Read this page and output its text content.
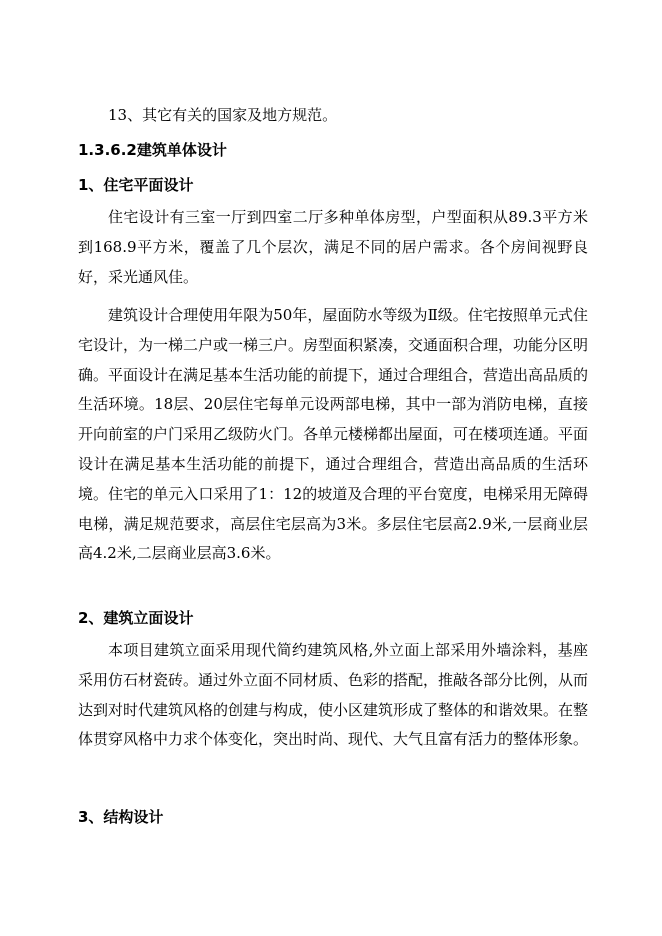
13、其它有关的国家及地方规范。
1.3.6.2建筑单体设计
1、住宅平面设计
住宅设计有三室一厅到四室二厅多种单体房型，户型面积从89.3平方米到168.9平方米，覆盖了几个层次，满足不同的居户需求。各个房间视野良好，采光通风佳。
建筑设计合理使用年限为50年，屋面防水等级为Ⅱ级。住宅按照单元式住宅设计，为一梯二户或一梯三户。房型面积紧凑，交通面积合理，功能分区明确。平面设计在满足基本生活功能的前提下，通过合理组合，营造出高品质的生活环境。18层、20层住宅每单元设两部电梯，其中一部为消防电梯，直接开向前室的户门采用乙级防火门。各单元楼梯都出屋面，可在楼项连通。平面设计在满足基本生活功能的前提下，通过合理组合，营造出高品质的生活环境。住宅的单元入口采用了1：12的坡道及合理的平台宽度，电梯采用无障碍电梯，满足规范要求，高层住宅层高为3米。多层住宅层高2.9米,一层商业层高4.2米,二层商业层高3.6米。
2、建筑立面设计
本项目建筑立面采用现代简约建筑风格,外立面上部采用外墙涂料，基座采用仿石材瓷砖。通过外立面不同材质、色彩的搭配，推敲各部分比例，从而达到对时代建筑风格的创建与构成，使小区建筑形成了整体的和谐效果。在整体贯穿风格中力求个体变化，突出时尚、现代、大气且富有活力的整体形象。
3、结构设计
